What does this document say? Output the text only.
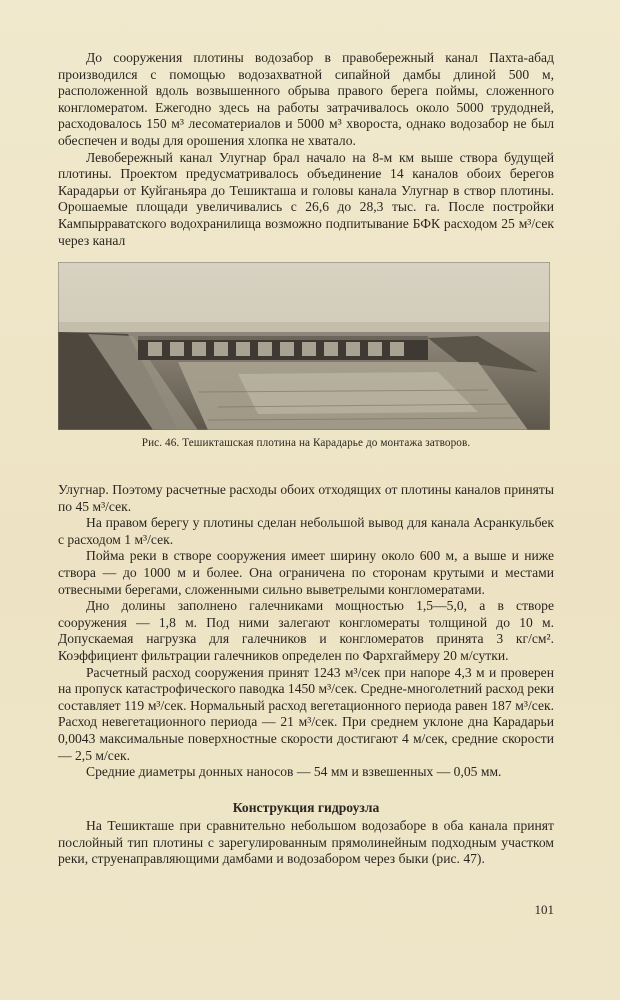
До сооружения плотины водозабор в правобережный канал Пахта-абад производился с помощью водозахватной сипайной дамбы длиной 500 м, расположенной вдоль возвышенного обрыва правого берега поймы, сложенного конгломератом. Ежегодно здесь на работы затрачивалось около 5000 трудодней, расходовалось 150 м³ лесоматериалов и 5000 м³ хвороста, однако водозабор не был обеспечен и воды для орошения хлопка не хватало.

Левобережный канал Улугнар брал начало на 8-м км выше створа будущей плотины. Проектом предусматривалось объединение 14 каналов обоих берегов Карадарьи от Куйганьяра до Тешикташа и головы канала Улугнар в створ плотины. Орошаемые площади увеличивались с 26,6 до 28,3 тыс. га. После постройки Кампырраватского водохранилища возможно подпитывание БФК расходом 25 м³/сек через канал

Рис. 46. Тешикташская плотина на Карадарье до монтажа затворов.

Улугнар. Поэтому расчетные расходы обоих отходящих от плотины каналов приняты по 45 м³/сек.

На правом берегу у плотины сделан небольшой вывод для канала Асранкульбек с расходом 1 м³/сек.

Пойма реки в створе сооружения имеет ширину около 600 м, а выше и ниже створа — до 1000 м и более. Она ограничена по сторонам крутыми и местами отвесными берегами, сложенными сильно выветрелыми конгломератами.

Дно долины заполнено галечниками мощностью 1,5—5,0, а в створе сооружения — 1,8 м. Под ними залегают конгломераты толщиной до 10 м. Допускаемая нагрузка для галечников и конгломератов принята 3 кг/см². Коэффициент фильтрации галечников определен по Фархгаймеру 20 м/сутки.

Расчетный расход сооружения принят 1243 м³/сек при напоре 4,3 м и проверен на пропуск катастрофического паводка 1450 м³/сек. Средне-многолетний расход реки составляет 119 м³/сек. Нормальный расход вегетационного периода равен 187 м³/сек. Расход невегетационного периода — 21 м³/сек. При среднем уклоне дна Карадарьи 0,0043 максимальные поверхностные скорости достигают 4 м/сек, средние скорости — 2,5 м/сек.

Средние диаметры донных наносов — 54 мм и взвешенных — 0,05 мм.

Конструкция гидроузла

На Тешикташе при сравнительно небольшом водозаборе в оба канала принят послойный тип плотины с зарегулированным прямолинейным подходным участком реки, струенаправляющими дамбами и водозабором через быки (рис. 47).

101
